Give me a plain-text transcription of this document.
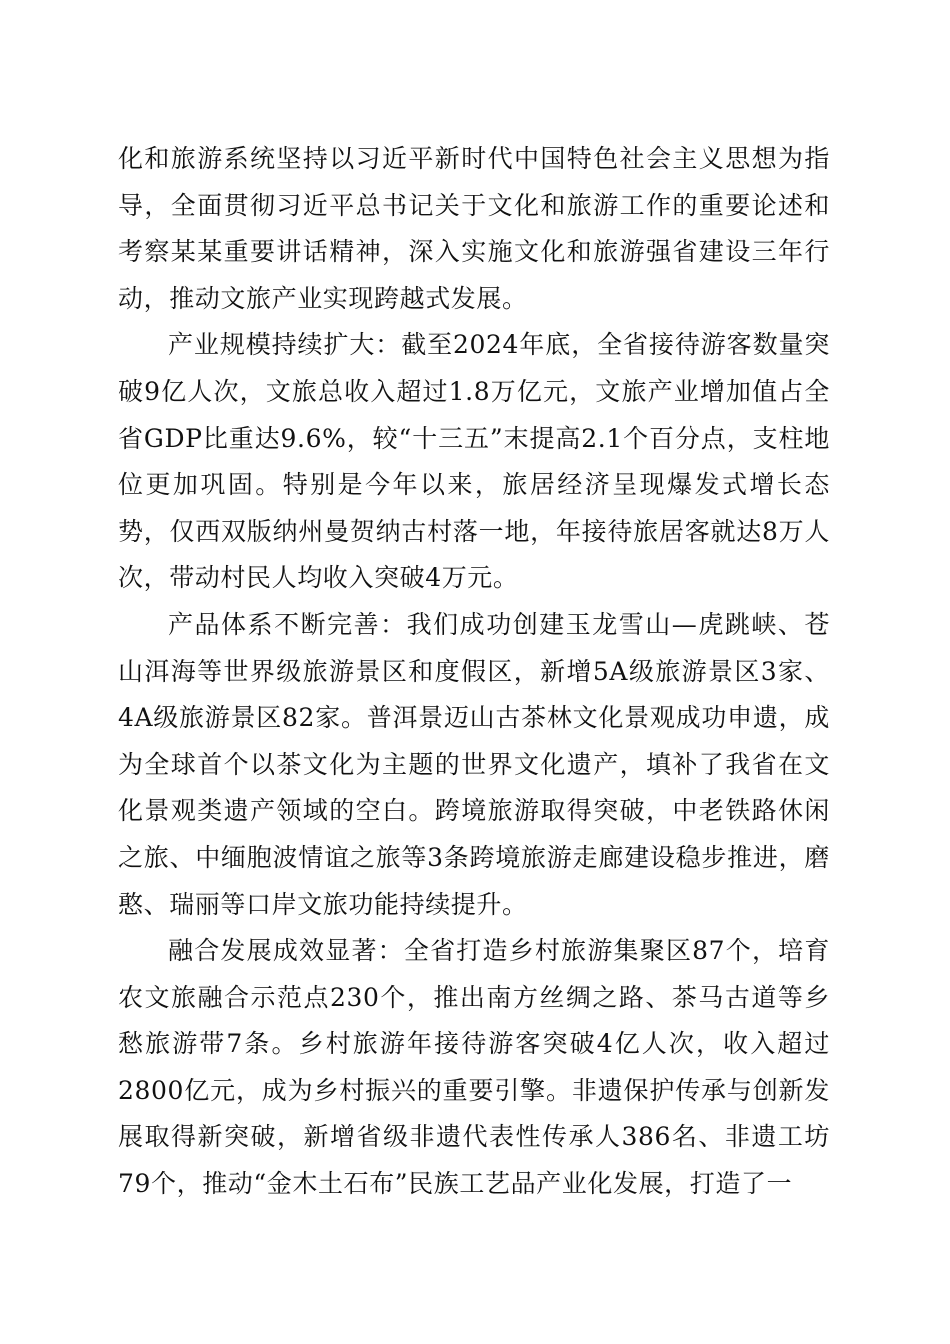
化和旅游系统坚持以习近平新时代中国特色社会主义思想为指导，全面贯彻习近平总书记关于文化和旅游工作的重要论述和考察某某重要讲话精神，深入实施文化和旅游强省建设三年行动，推动文旅产业实现跨越式发展。

产业规模持续扩大：截至2024年底，全省接待游客数量突破9亿人次，文旅总收入超过1.8万亿元，文旅产业增加值占全省GDP比重达9.6%，较“十三五”末提高2.1个百分点，支柱地位更加巩固。特别是今年以来，旅居经济呈现爆发式增长态势，仅西双版纳州曼贺纳古村落一地，年接待旅居客就达8万人次，带动村民人均收入突破4万元。

产品体系不断完善：我们成功创建玉龙雪山—虎跳峡、苍山洱海等世界级旅游景区和度假区，新增5A级旅游景区3家、4A级旅游景区82家。普洱景迈山古茶林文化景观成功申遗，成为全球首个以茶文化为主题的世界文化遗产，填补了我省在文化景观类遗产领域的空白。跨境旅游取得突破，中老铁路休闲之旅、中缅胞波情谊之旅等3条跨境旅游走廊建设稳步推进，磨憨、瑞丽等口岸文旅功能持续提升。

融合发展成效显著：全省打造乡村旅游集聚区87个，培育农文旅融合示范点230个，推出南方丝绸之路、茶马古道等乡愁旅游带7条。乡村旅游年接待游客突破4亿人次，收入超过2800亿元，成为乡村振兴的重要引擎。非遗保护传承与创新发展取得新突破，新增省级非遗代表性传承人386名、非遗工坊79个，推动“金木土石布”民族工艺品产业化发展，打造了一
